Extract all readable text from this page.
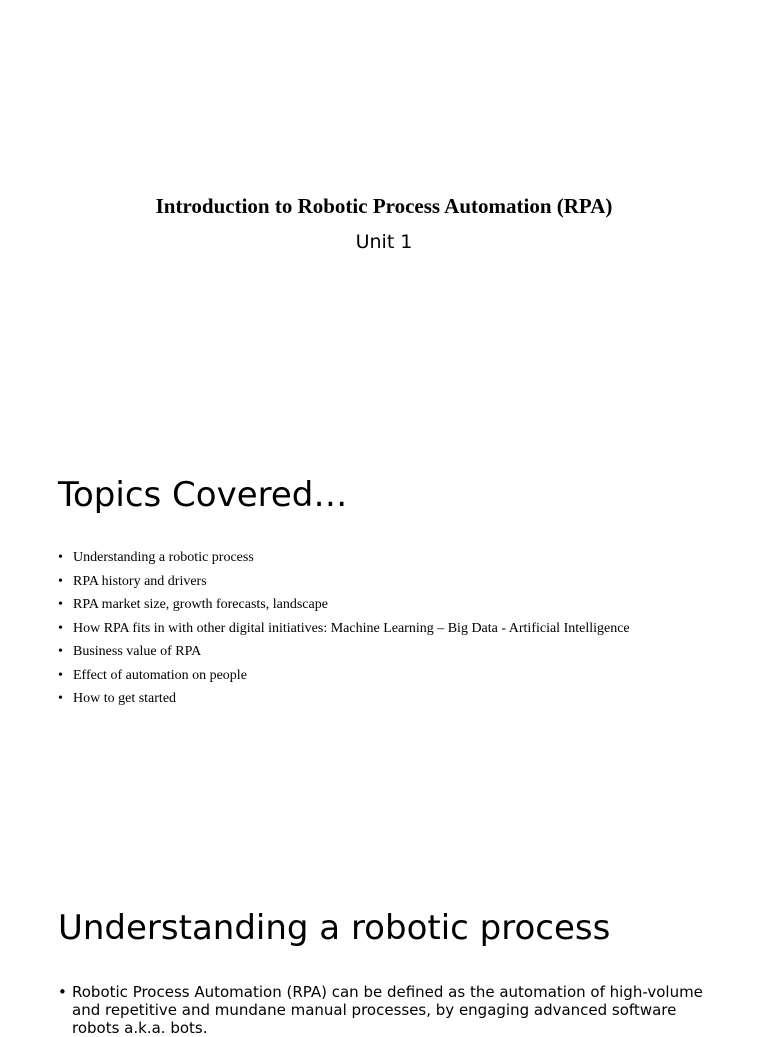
Introduction to Robotic Process Automation (RPA)
Unit 1
Topics Covered…
• Understanding a robotic process
• RPA history and drivers
• RPA market size, growth forecasts, landscape
• How RPA fits in with other digital initiatives: Machine Learning – Big Data - Artificial Intelligence
• Business value of RPA
• Effect of automation on people
• How to get started
Understanding a robotic process
• Robotic Process Automation (RPA) can be defined as the automation of high-volume and repetitive and mundane manual processes, by engaging advanced software robots a.k.a. bots.
